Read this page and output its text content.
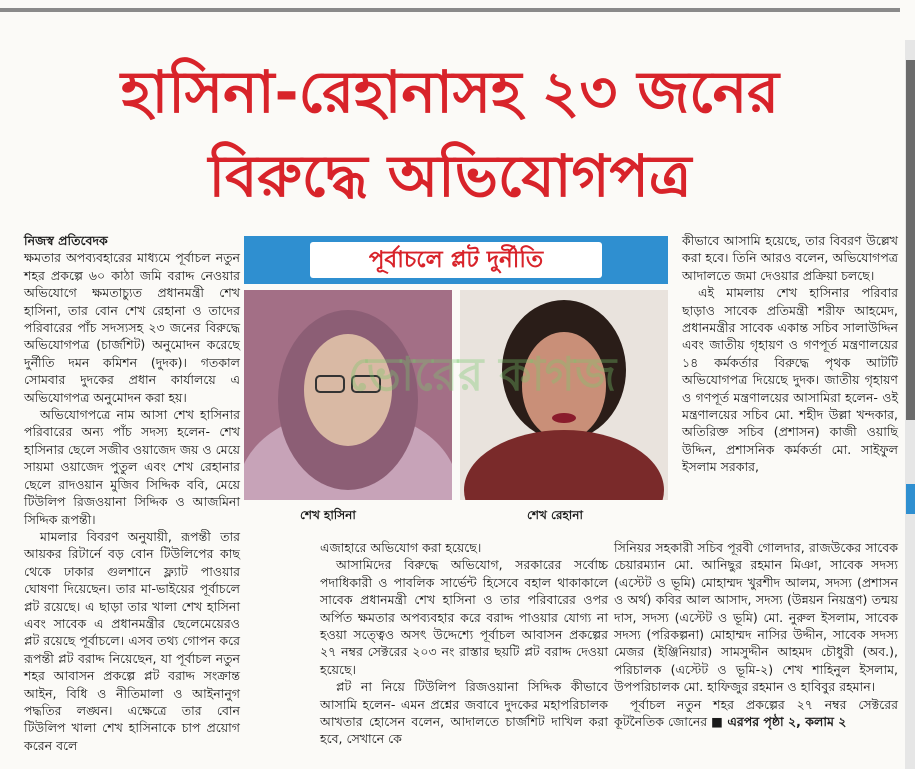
হাসিনা-রেহানাসহ ২৩ জনের
বিরুদ্ধে অভিযোগপত্র
নিজস্ব প্রতিবেদক

ক্ষমতার অপব্যবহারের মাধ্যমে পূর্বাচল নতুন শহর প্রকল্পে ৬০ কাঠা জমি বরাদ্দ নেওয়ার অভিযোগে ক্ষমতাচ্যুত প্রধানমন্ত্রী শেখ হাসিনা, তার বোন শেখ রেহানা ও তাদের পরিবারের পাঁচ সদস্যসহ ২৩ জনের বিরুদ্ধে অভিযোগপত্র (চার্জশিট) অনুমোদন করেছে দুর্নীতি দমন কমিশন (দুদক)। গতকাল সোমবার দুদকের প্রধান কার্যালয়ে এ অভিযোগপত্র অনুমোদন করা হয়।

অভিযোগপত্রে নাম আসা শেখ হাসিনার পরিবারের অন্য পাঁচ সদস্য হলেন- শেখ হাসিনার ছেলে সজীব ওয়াজেদ জয় ও মেয়ে সায়মা ওয়াজেদ পুতুল এবং শেখ রেহানার ছেলে রাদওয়ান মুজিব সিদ্দিক ববি, মেয়ে টিউলিপ রিজওয়ানা সিদ্দিক ও আজমিনা সিদ্দিক রূপন্তী।

মামলার বিবরণ অনুযায়ী, রূপন্তী তার আয়কর রিটার্নে বড় বোন টিউলিপের কাছ থেকে ঢাকার গুলশানে ফ্ল্যাট পাওয়ার ঘোষণা দিয়েছেন। তার মা-ভাইয়ের পূর্বাচলে প্লট রয়েছে। এ ছাড়া তার খালা শেখ হাসিনা এবং সাবেক এ প্রধানমন্ত্রীর ছেলেমেয়েরও প্লট রয়েছে পূর্বাচলে। এসব তথ্য গোপন করে রূপন্তী প্লট বরাদ্দ নিয়েছেন, যা পূর্বাচল নতুন শহর আবাসন প্রকল্পে প্লট বরাদ্দ সংক্রান্ত আইন, বিধি ও নীতিমালা ও আইনানুগ পদ্ধতির লঙ্ঘন। এক্ষেত্রে তার বোন টিউলিপ খালা শেখ হাসিনাকে চাপ প্রয়োগ করেন বলে

পূর্বাচলে প্লট দুর্নীতি
ভোরের কাগজ
শেখ হাসিনা	শেখ রেহানা

এজাহারে অভিযোগ করা হয়েছে।

আসামিদের বিরুদ্ধে অভিযোগ, সরকারের সর্বোচ্চ পদাধিকারী ও পাবলিক সার্ভেন্ট হিসেবে বহাল থাকাকালে সাবেক প্রধানমন্ত্রী শেখ হাসিনা ও তার পরিবারের ওপর অর্পিত ক্ষমতার অপব্যবহার করে বরাদ্দ পাওয়ার যোগ্য না হওয়া সত্ত্বেও অসৎ উদ্দেশ্যে পূর্বাচল আবাসন প্রকল্পের ২৭ নম্বর সেক্টরের ২০৩ নং রাস্তার ছয়টি প্লট বরাদ্দ দেওয়া হয়েছে।

প্লট না নিয়ে টিউলিপ রিজওয়ানা সিদ্দিক কীভাবে আসামি হলেন- এমন প্রশ্নের জবাবে দুদকের মহাপরিচালক আখতার হোসেন বলেন, আদালতে চার্জশিট দাখিল করা হবে, সেখানে কে

কীভাবে আসামি হয়েছে, তার বিবরণ উল্লেখ করা হবে। তিনি আরও বলেন, অভিযোগপত্র আদালতে জমা দেওয়ার প্রক্রিয়া চলছে।

এই মামলায় শেখ হাসিনার পরিবার ছাড়াও সাবেক প্রতিমন্ত্রী শরীফ আহমেদ, প্রধানমন্ত্রীর সাবেক একান্ত সচিব সালাউদ্দিন এবং জাতীয় গৃহায়ণ ও গণপূর্ত মন্ত্রণালয়ের ১৪ কর্মকর্তার বিরুদ্ধে পৃথক আটটি অভিযোগপত্র দিয়েছে দুদক। জাতীয় গৃহায়ণ ও গণপূর্ত মন্ত্রণালয়ের আসামিরা হলেন- ওই মন্ত্রণালয়ের সচিব মো. শহীদ উল্লা খন্দকার, অতিরিক্ত সচিব (প্রশাসন) কাজী ওয়াছি উদ্দিন, প্রশাসনিক কর্মকর্তা মো. সাইফুল ইসলাম সরকার,

সিনিয়র সহকারী সচিব পূরবী গোলদার, রাজউকের সাবেক চেয়ারম্যান মো. আনিছুর রহমান মিঞা, সাবেক সদস্য (এস্টেট ও ভূমি) মোহাম্মদ খুরশীদ আলম, সদস্য (প্রশাসন ও অর্থ) কবির আল আসাদ, সদস্য (উন্নয়ন নিয়ন্ত্রণ) তন্ময় দাস, সদস্য (এস্টেট ও ভূমি) মো. নুরুল ইসলাম, সাবেক সদস্য (পরিকল্পনা) মোহাম্মদ নাসির উদ্দীন, সাবেক সদস্য মেজর (ইঞ্জিনিয়ার) সামসুদ্দীন আহমদ চৌধুরী (অব.), পরিচালক (এস্টেট ও ভূমি-২) শেখ শাহিনুল ইসলাম, উপপরিচালক মো. হাফিজুর রহমান ও হাবিবুর রহমান।

পূর্বাচল নতুন শহর প্রকল্পের ২৭ নম্বর সেক্টরের কূটনৈতিক জোনের ■ এরপর পৃষ্ঠা ২, কলাম ২
